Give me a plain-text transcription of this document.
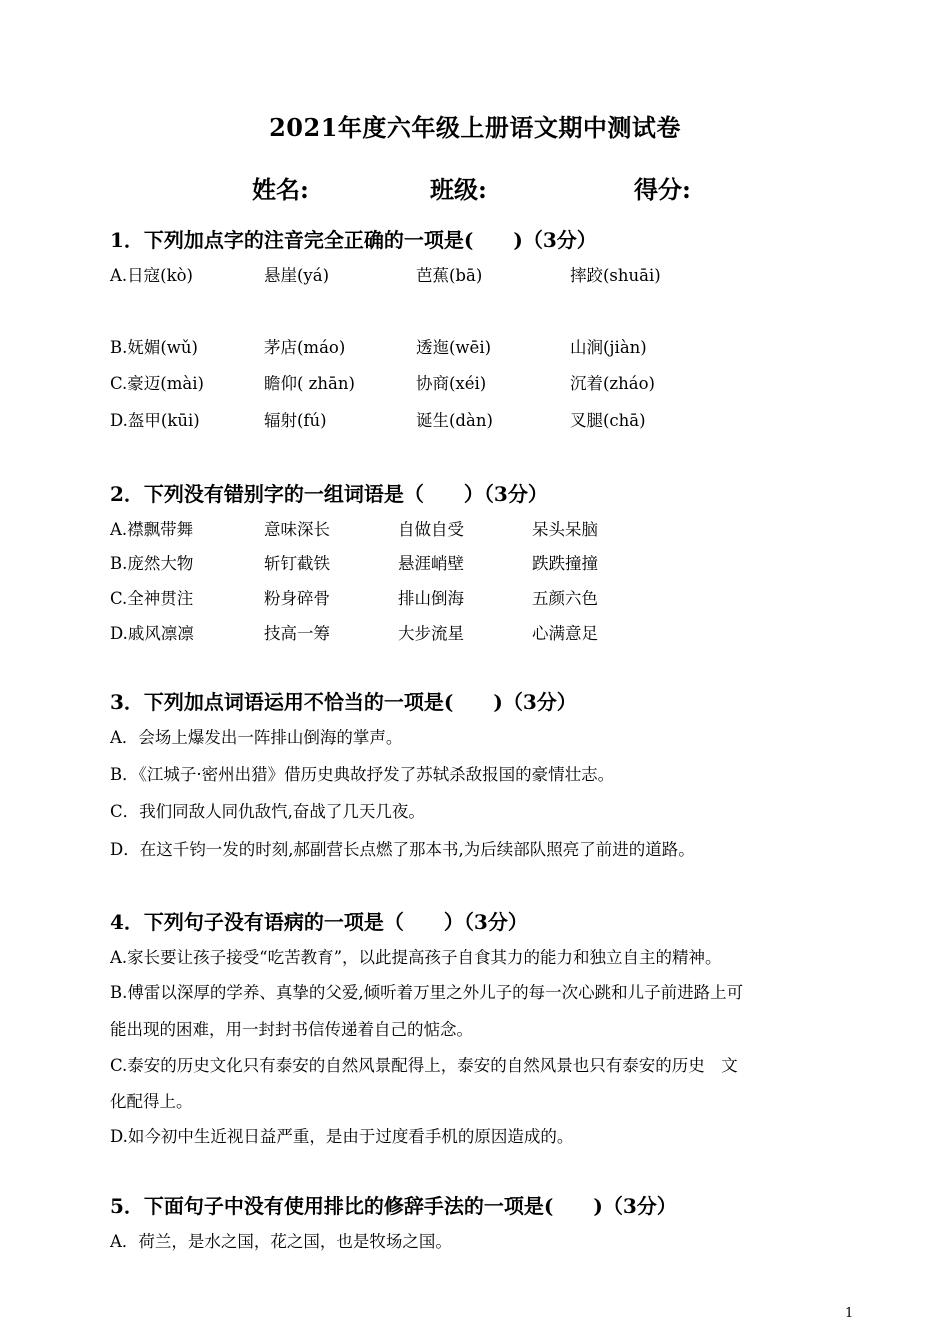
2021年度六年级上册语文期中测试卷
姓名:	班级:	得分:
1．下列加点字的注音完全正确的一项是(　　)（3分）
A.日寇(kò)	悬崖(yá)	芭蕉(bā)	摔跤(shuāi)
B.妩媚(wǔ)	茅店(máo)	透迤(wēi)	山涧(jiàn)
C.豪迈(mài)	瞻仰( zhān)	协商(xéi)	沉着(zháo)
D.盔甲(kūi)	辐射(fú)	诞生(dàn)	叉腿(chā)
2．下列没有错别字的一组词语是（　　）（3分）
A.襟飘带舞	意味深长	自做自受	呆头呆脑
B.庞然大物	斩钉截铁	悬涯峭壁	跌跌撞撞
C.全神贯注	粉身碎骨	排山倒海	五颜六色
D.戚风凛凛	技高一筹	大步流星	心满意足
3．下列加点词语运用不恰当的一项是(　　)（3分）
A．会场上爆发出一阵排山倒海的掌声。
B．《江城子·密州出猎》借历史典故抒发了苏轼杀敌报国的豪情壮志。
C．我们同敌人同仇敌忾,奋战了几天几夜。
D．在这千钧一发的时刻,郝副营长点燃了那本书,为后续部队照亮了前进的道路。
4．下列句子没有语病的一项是（　　）（3分）
A.家长要让孩子接受“吃苦教育”，以此提高孩子自食其力的能力和独立自主的精神。
B.傅雷以深厚的学养、真挚的父爱,倾听着万里之外儿子的每一次心跳和儿子前进路上可
能出现的困难，用一封封书信传递着自己的惦念。
C.泰安的历史文化只有泰安的自然风景配得上，泰安的自然风景也只有泰安的历史　文
化配得上。
D.如今初中生近视日益严重，是由于过度看手机的原因造成的。
5．下面句子中没有使用排比的修辞手法的一项是(　　)（3分）
A．荷兰，是水之国，花之国，也是牧场之国。
1
